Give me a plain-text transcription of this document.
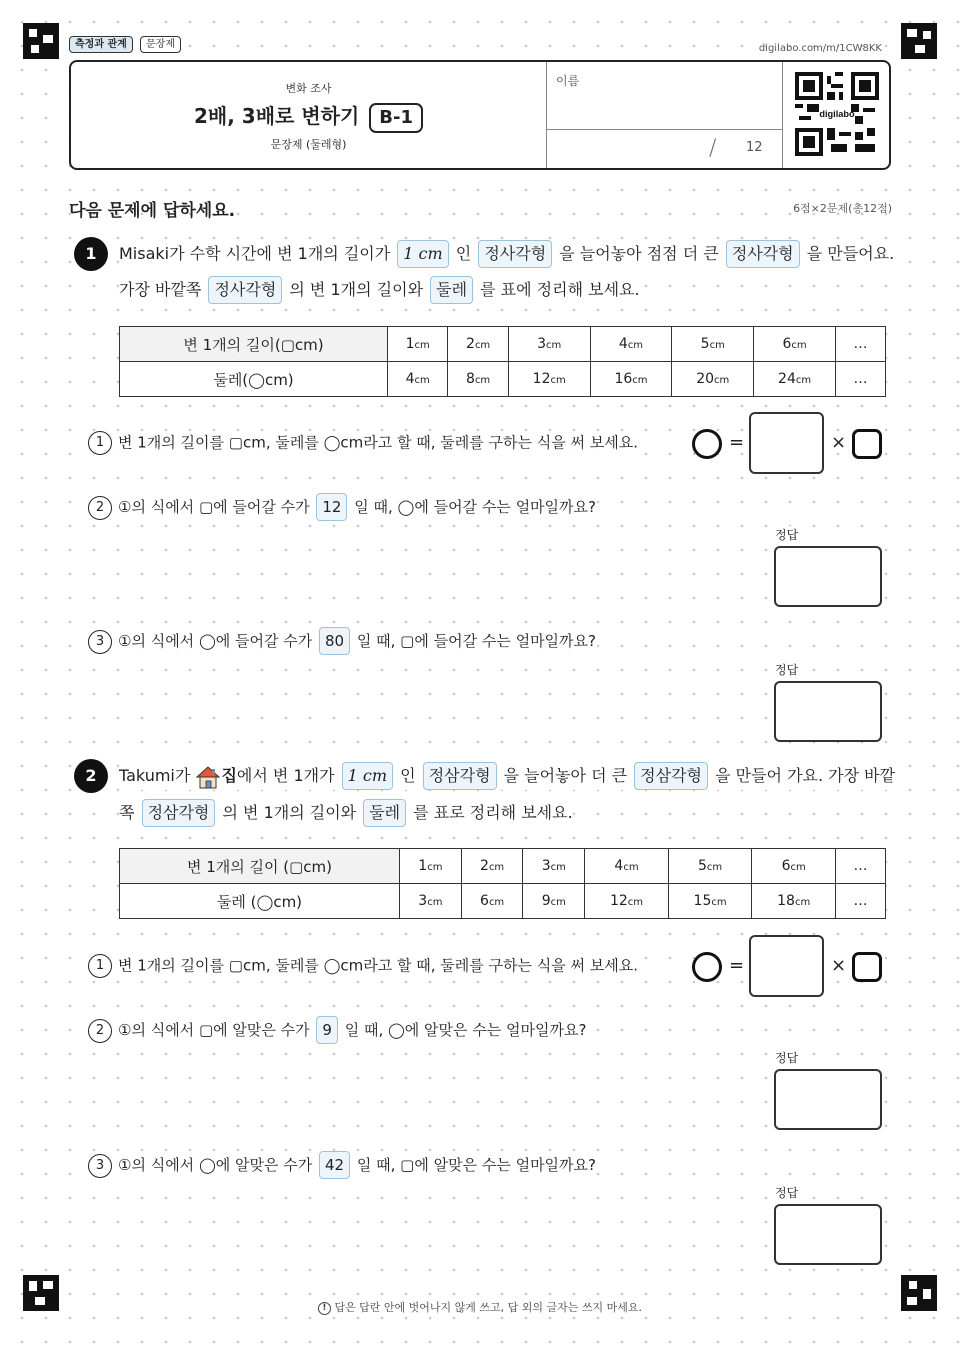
측정과 관계	문장제	digilabo.com/m/1CW8KK
변화 조사
2배, 3배로 변하기 B-1
문장제 (둘레형)
이름
/ 12
digilabo
다음 문제에 답하세요.	6점×2문제(총12점)
1	Misaki가 수학 시간에 변 1개의 길이가 1 cm 인 정사각형 을 늘어놓아 점점 더 큰 정사각형 을 만들어요.
가장 바깥쪽 정사각형 의 변 1개의 길이와 둘레 를 표에 정리해 보세요.
변 1개의 길이(▢cm)	1cm	2cm	3cm	4cm	5cm	6cm	…
둘레(◯cm)	4cm	8cm	12cm	16cm	20cm	24cm	…
1 변 1개의 길이를 ▢cm, 둘레를 ◯cm라고 할 때, 둘레를 구하는 식을 써 보세요.	=	×
2 ①의 식에서 ▢에 들어갈 수가 12 일 때, ◯에 들어갈 수는 얼마일까요?
정답
3 ①의 식에서 ◯에 들어갈 수가 80 일 때, ▢에 들어갈 수는 얼마일까요?
정답
2	Takumi가 집에서 변 1개가 1 cm 인 정삼각형 을 늘어놓아 더 큰 정삼각형 을 만들어 가요. 가장 바깥
쪽 정삼각형 의 변 1개의 길이와 둘레 를 표로 정리해 보세요.
변 1개의 길이 (▢cm)	1cm	2cm	3cm	4cm	5cm	6cm	…
둘레 (◯cm)	3cm	6cm	9cm	12cm	15cm	18cm	…
1 변 1개의 길이를 ▢cm, 둘레를 ◯cm라고 할 때, 둘레를 구하는 식을 써 보세요.	=	×
2 ①의 식에서 ▢에 알맞은 수가 9 일 때, ◯에 알맞은 수는 얼마일까요?
정답
3 ①의 식에서 ◯에 알맞은 수가 42 일 때, ▢에 알맞은 수는 얼마일까요?
정답
! 답은 답란 안에 벗어나지 않게 쓰고, 답 외의 글자는 쓰지 마세요.
